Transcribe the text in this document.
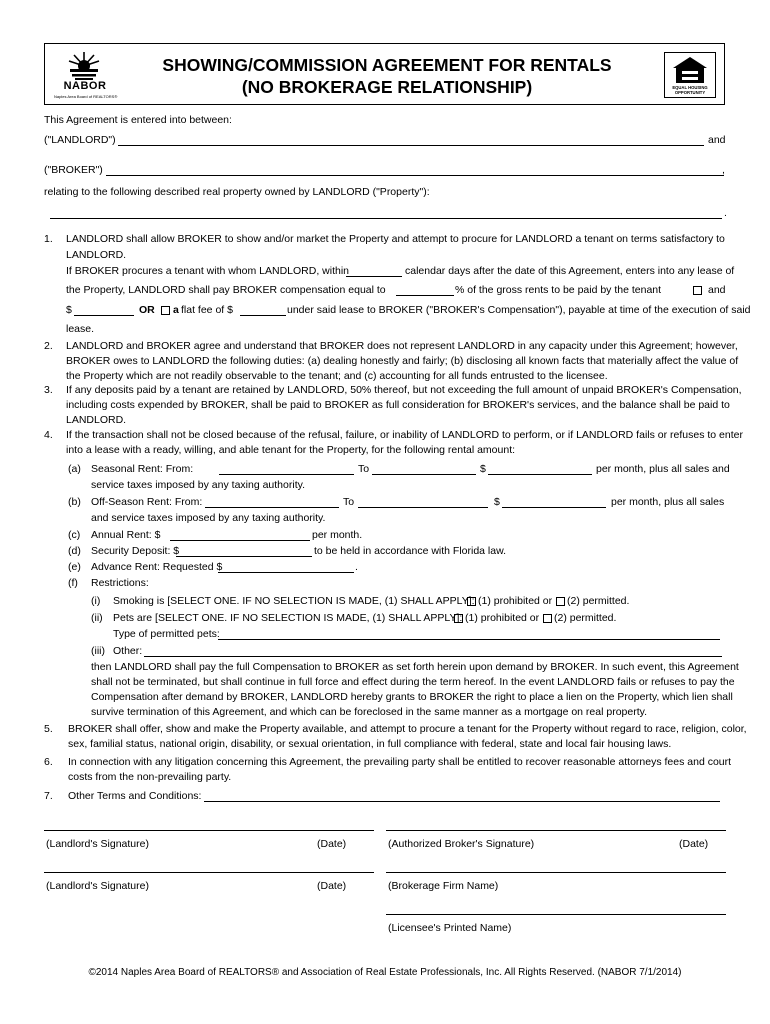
NABOR
Naples Area Board of REALTORS®
SHOWING/COMMISSION AGREEMENT FOR RENTALS
(NO BROKERAGE RELATIONSHIP)	EQUAL HOUSING
OPPORTUNITY
This Agreement is entered into between:
("LANDLORD")	and
("BROKER")	,
relating to the following described real property owned by LANDLORD ("Property"):
.
1. LANDLORD shall allow BROKER to show and/or market the Property and attempt to procure for LANDLORD a tenant on terms satisfactory to
LANDLORD.
If BROKER procures a tenant with whom LANDLORD, within	calendar days after the date of this Agreement, enters into any lease of
the Property, LANDLORD shall pay BROKER compensation equal to	% of the gross rents to be paid by the tenant	and
$	OR a flat fee of $	under said lease to BROKER ("BROKER's Compensation"), payable at time of the execution of said
lease.
2. LANDLORD and BROKER agree and understand that BROKER does not represent LANDLORD in any capacity under this Agreement; however,
BROKER owes to LANDLORD the following duties: (a) dealing honestly and fairly; (b) disclosing all known facts that materially affect the value of
the Property which are not readily observable to the tenant; and (c) accounting for all funds entrusted to the licensee.
3. If any deposits paid by a tenant are retained by LANDLORD, 50% thereof, but not exceeding the full amount of unpaid BROKER's Compensation,
including costs expended by BROKER, shall be paid to BROKER as full consideration for BROKER's services, and the balance shall be paid to
LANDLORD.
4. If the transaction shall not be closed because of the refusal, failure, or inability of LANDLORD to perform, or if LANDLORD fails or refuses to enter
into a lease with a ready, willing, and able tenant for the Property, for the following rental amount:
(a) Seasonal Rent: From:	To	$	per month, plus all sales and
service taxes imposed by any taxing authority.
(b) Off-Season Rent: From:	To	$	per month, plus all sales
and service taxes imposed by any taxing authority.
(c) Annual Rent: $	per month.
(d) Security Deposit: $	to be held in accordance with Florida law.
(e) Advance Rent: Requested $	.
(f) Restrictions:
(i) Smoking is [SELECT ONE. IF NO SELECTION IS MADE, (1) SHALL APPLY]: (1) prohibited or (2) permitted.
(ii) Pets are [SELECT ONE. IF NO SELECTION IS MADE, (1) SHALL APPLY]: (1) prohibited or (2) permitted.
Type of permitted pets:
(iii) Other:
then LANDLORD shall pay the full Compensation to BROKER as set forth herein upon demand by BROKER. In such event, this Agreement
shall not be terminated, but shall continue in full force and effect during the term hereof. In the event LANDLORD fails or refuses to pay the
Compensation after demand by BROKER, LANDLORD hereby grants to BROKER the right to place a lien on the Property, which lien shall
survive termination of this Agreement, and which can be foreclosed in the same manner as a mortgage on real property.
5. BROKER shall offer, show and make the Property available, and attempt to procure a tenant for the Property without regard to race, religion, color,
sex, familial status, national origin, disability, or sexual orientation, in full compliance with federal, state and local fair housing laws.
6. In connection with any litigation concerning this Agreement, the prevailing party shall be entitled to recover reasonable attorneys fees and court
costs from the non-prevailing party.
7. Other Terms and Conditions:
(Landlord's Signature)	(Date)	(Authorized Broker's Signature)	(Date)
(Landlord's Signature)	(Date)	(Brokerage Firm Name)
(Licensee's Printed Name)
©2014 Naples Area Board of REALTORS® and Association of Real Estate Professionals, Inc. All Rights Reserved. (NABOR 7/1/2014)
